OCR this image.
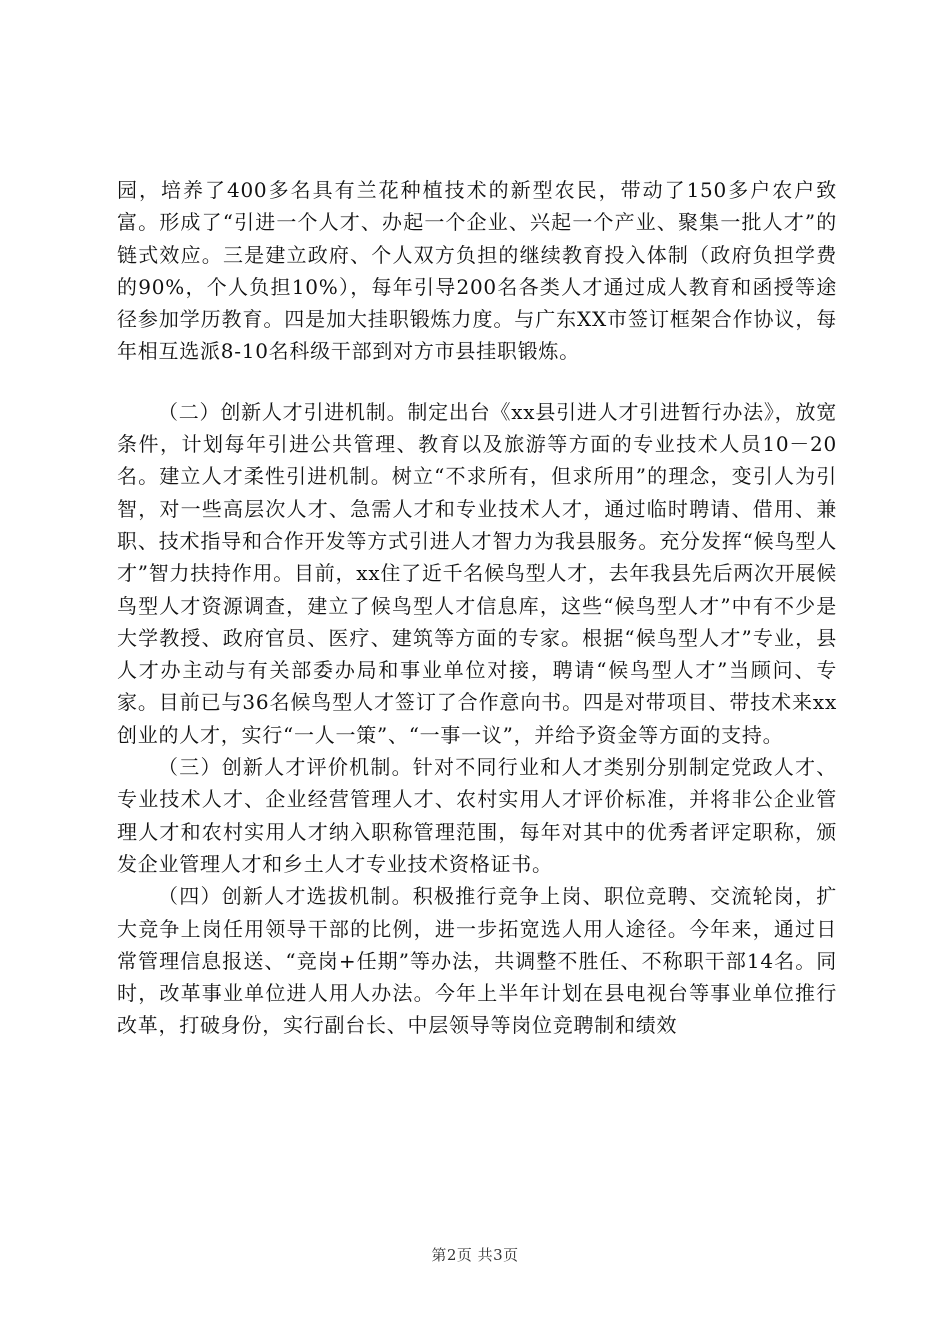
园，培养了400多名具有兰花种植技术的新型农民，带动了150多户农户致富。形成了“引进一个人才、办起一个企业、兴起一个产业、聚集一批人才”的链式效应。三是建立政府、个人双方负担的继续教育投入体制（政府负担学费的90%，个人负担10%），每年引导200名各类人才通过成人教育和函授等途径参加学历教育。四是加大挂职锻炼力度。与广东XX市签订框架合作协议，每年相互选派8-10名科级干部到对方市县挂职锻炼。

（二）创新人才引进机制。制定出台《xx县引进人才引进暂行办法》，放宽条件，计划每年引进公共管理、教育以及旅游等方面的专业技术人员10－20名。建立人才柔性引进机制。树立“不求所有，但求所用”的理念，变引人为引智，对一些高层次人才、急需人才和专业技术人才，通过临时聘请、借用、兼职、技术指导和合作开发等方式引进人才智力为我县服务。充分发挥“候鸟型人才”智力扶持作用。目前，xx住了近千名候鸟型人才，去年我县先后两次开展候鸟型人才资源调查，建立了候鸟型人才信息库，这些“候鸟型人才”中有不少是大学教授、政府官员、医疗、建筑等方面的专家。根据“候鸟型人才”专业，县人才办主动与有关部委办局和事业单位对接，聘请“候鸟型人才”当顾问、专家。目前已与36名候鸟型人才签订了合作意向书。四是对带项目、带技术来xx创业的人才，实行“一人一策”、“一事一议”，并给予资金等方面的支持。

（三）创新人才评价机制。针对不同行业和人才类别分别制定党政人才、专业技术人才、企业经营管理人才、农村实用人才评价标准，并将非公企业管理人才和农村实用人才纳入职称管理范围，每年对其中的优秀者评定职称，颁发企业管理人才和乡土人才专业技术资格证书。

（四）创新人才选拔机制。积极推行竞争上岗、职位竞聘、交流轮岗，扩大竞争上岗任用领导干部的比例，进一步拓宽选人用人途径。今年来，通过日常管理信息报送、“竞岗+任期”等办法，共调整不胜任、不称职干部14名。同时，改革事业单位进人用人办法。今年上半年计划在县电视台等事业单位推行改革，打破身份，实行副台长、中层领导等岗位竞聘制和绩效

第2页 共3页
